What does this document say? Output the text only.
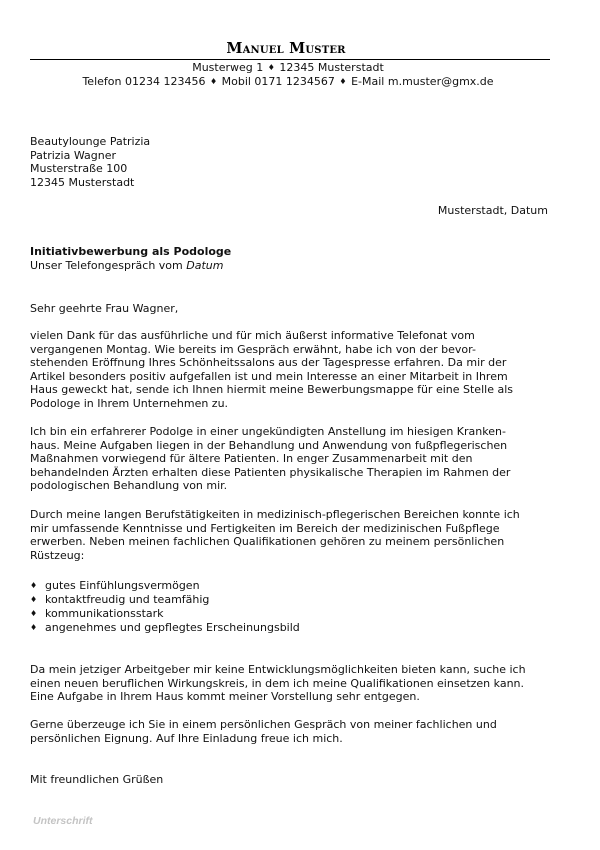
Manuel Muster
Musterweg 1 ♦ 12345 Musterstadt
Telefon 01234 123456 ♦ Mobil 0171 1234567 ♦ E-Mail m.muster@gmx.de
Beautylounge Patrizia
Patrizia Wagner
Musterstraße 100
12345 Musterstadt
Musterstadt, Datum
Initiativbewerbung als Podologe
Unser Telefongespräch vom Datum
Sehr geehrte Frau Wagner,

vielen Dank für das ausführliche und für mich äußerst informative Telefonat vom

vergangenen Montag. Wie bereits im Gespräch erwähnt, habe ich von der bevor-

stehenden Eröffnung Ihres Schönheitssalons aus der Tagespresse erfahren. Da mir der

Artikel besonders positiv aufgefallen ist und mein Interesse an einer Mitarbeit in Ihrem

Haus geweckt hat, sende ich Ihnen hiermit meine Bewerbungsmappe für eine Stelle als

Podologe in Ihrem Unternehmen zu.

Ich bin ein erfahrerer Podolge in einer ungekündigten Anstellung im hiesigen Kranken-

haus. Meine Aufgaben liegen in der Behandlung und Anwendung von fußpflegerischen

Maßnahmen vorwiegend für ältere Patienten. In enger Zusammenarbeit mit den

behandelnden Ärzten erhalten diese Patienten physikalische Therapien im Rahmen der

podologischen Behandlung von mir.

Durch meine langen Berufstätigkeiten in medizinisch-pflegerischen Bereichen konnte ich

mir umfassende Kenntnisse und Fertigkeiten im Bereich der medizinischen Fußpflege

erwerben. Neben meinen fachlichen Qualifikationen gehören zu meinem persönlichen

Rüstzeug:

♦ gutes Einfühlungsvermögen
♦ kontaktfreudig und teamfähig
♦ kommunikationsstark
♦ angenehmes und gepflegtes Erscheinungsbild

Da mein jetziger Arbeitgeber mir keine Entwicklungsmöglichkeiten bieten kann, suche ich

einen neuen beruflichen Wirkungskreis, in dem ich meine Qualifikationen einsetzen kann.

Eine Aufgabe in Ihrem Haus kommt meiner Vorstellung sehr entgegen.

Gerne überzeuge ich Sie in einem persönlichen Gespräch von meiner fachlichen und

persönlichen Eignung. Auf Ihre Einladung freue ich mich.

Mit freundlichen Grüßen
Unterschrift
